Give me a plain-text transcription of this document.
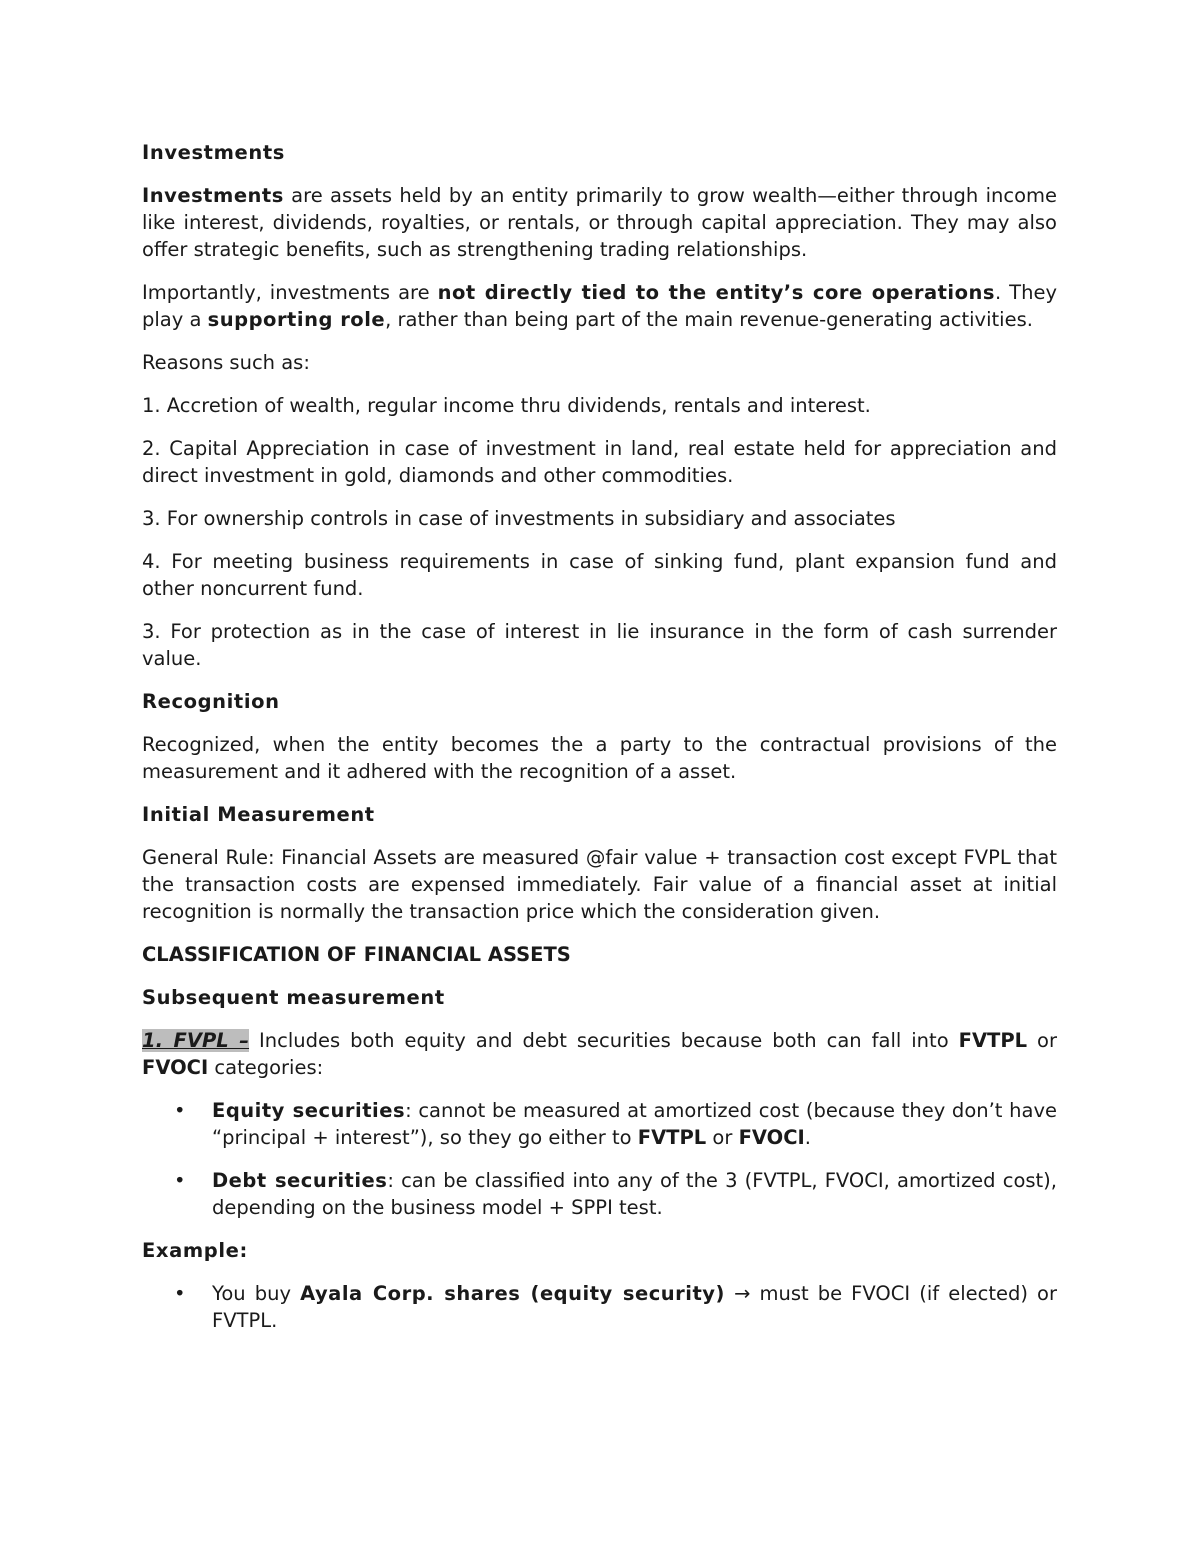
Investments

Investments are assets held by an entity primarily to grow wealth—either through income like interest, dividends, royalties, or rentals, or through capital appreciation. They may also offer strategic benefits, such as strengthening trading relationships.

Importantly, investments are not directly tied to the entity’s core operations. They play a supporting role, rather than being part of the main revenue-generating activities.

Reasons such as:

1. Accretion of wealth, regular income thru dividends, rentals and interest.

2. Capital Appreciation in case of investment in land, real estate held for appreciation and direct investment in gold, diamonds and other commodities.

3. For ownership controls in case of investments in subsidiary and associates

4. For meeting business requirements in case of sinking fund, plant expansion fund and other noncurrent fund.

3. For protection as in the case of interest in lie insurance in the form of cash surrender value.

Recognition

Recognized, when the entity becomes the a party to the contractual provisions of the measurement and it adhered with the recognition of a asset.

Initial Measurement

General Rule: Financial Assets are measured @fair value + transaction cost except FVPL that the transaction costs are expensed immediately. Fair value of a financial asset at initial recognition is normally the transaction price which the consideration given.

CLASSIFICATION OF FINANCIAL ASSETS

Subsequent measurement

1. FVPL – Includes both equity and debt securities because both can fall into FVTPL or FVOCI categories:

• Equity securities: cannot be measured at amortized cost (because they don’t have “principal + interest”), so they go either to FVTPL or FVOCI.
• Debt securities: can be classified into any of the 3 (FVTPL, FVOCI, amortized cost), depending on the business model + SPPI test.

Example:

• You buy Ayala Corp. shares (equity security) → must be FVOCI (if elected) or FVTPL.
